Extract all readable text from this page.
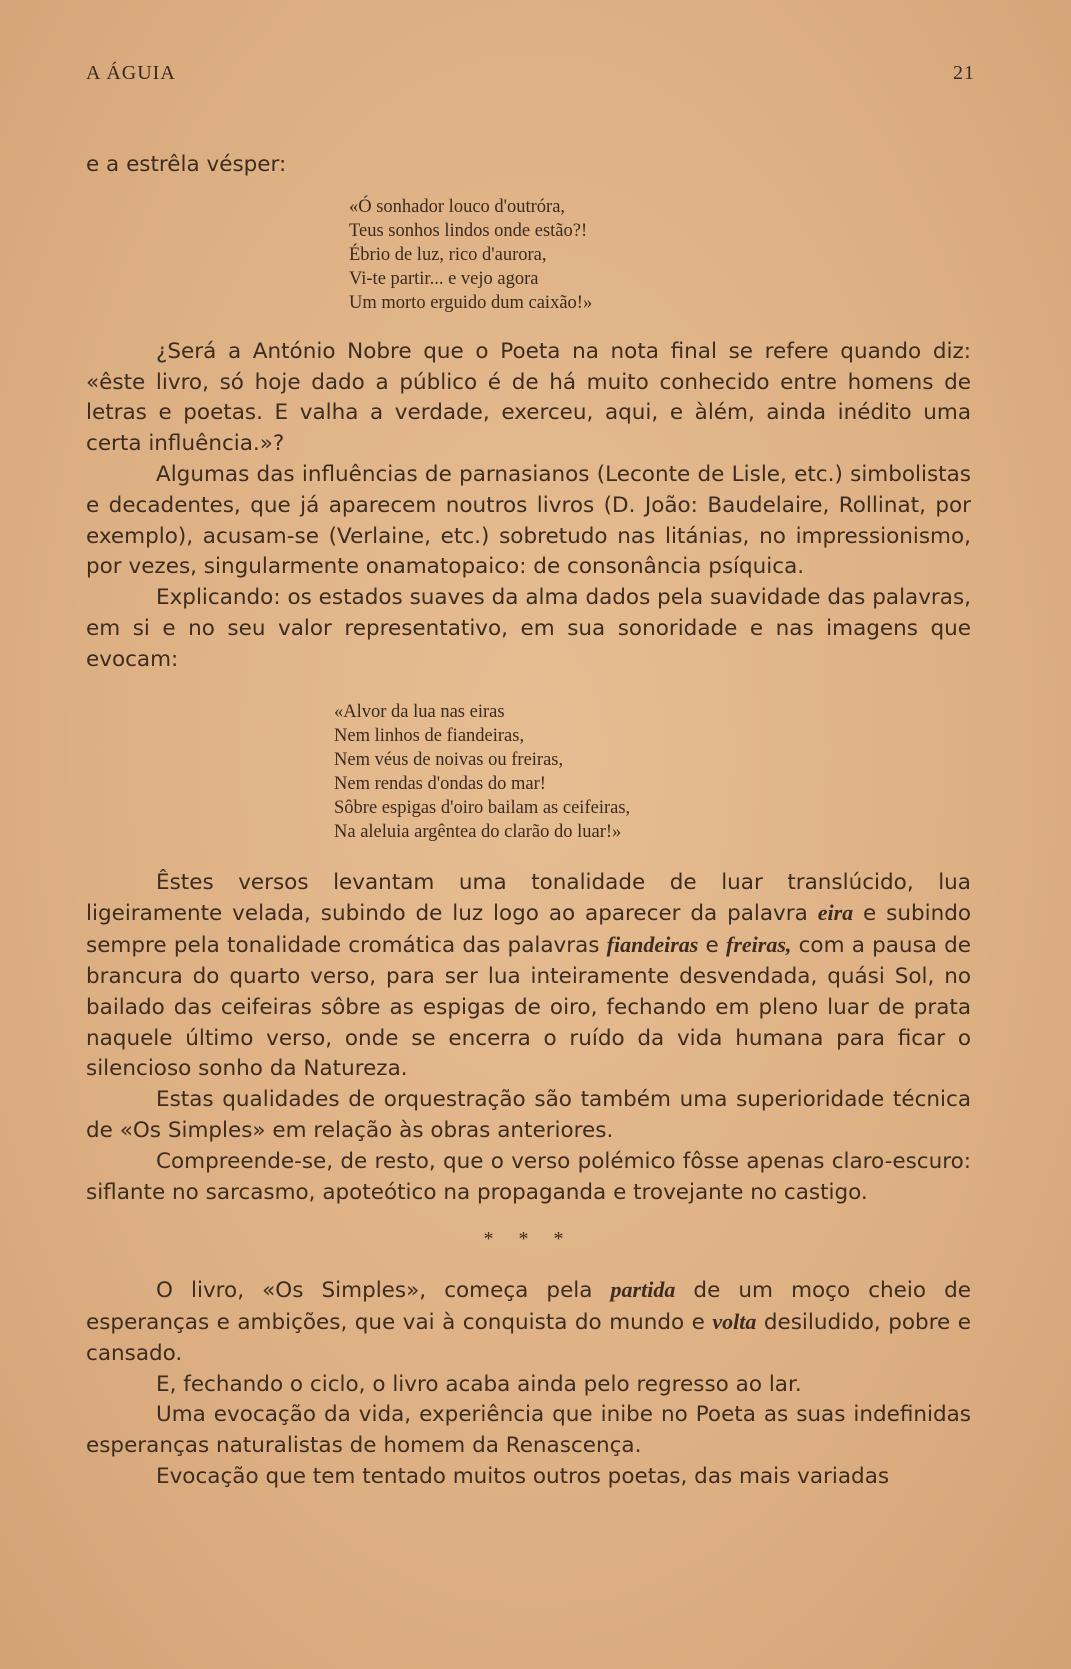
A ÁGUIA	21

e a estrêla vésper:

«Ó sonhador louco d'outróra,
Teus sonhos lindos onde estão?!
Ébrio de luz, rico d'aurora,
Vi-te partir... e vejo agora
Um morto erguido dum caixão!»

¿Será a António Nobre que o Poeta na nota final se refere quando diz: «êste livro, só hoje dado a público é de há muito conhecido entre homens de letras e poetas. E valha a verdade, exerceu, aqui, e àlém, ainda inédito uma certa influência.»?

Algumas das influências de parnasianos (Leconte de Lisle, etc.) simbolistas e decadentes, que já aparecem noutros livros (D. João: Baudelaire, Rollinat, por exemplo), acusam-se (Verlaine, etc.) sobretudo nas litánias, no impressionismo, por vezes, singularmente onamatopaico: de consonância psíquica.

Explicando: os estados suaves da alma dados pela suavidade das palavras, em si e no seu valor representativo, em sua sonoridade e nas imagens que evocam:

«Alvor da lua nas eiras
Nem linhos de fiandeiras,
Nem véus de noivas ou freiras,
Nem rendas d'ondas do mar!
Sôbre espigas d'oiro bailam as ceifeiras,
Na aleluia argêntea do clarão do luar!»

Êstes versos levantam uma tonalidade de luar translúcido, lua ligeiramente velada, subindo de luz logo ao aparecer da palavra eira e subindo sempre pela tonalidade cromática das palavras fiandeiras e freiras, com a pausa de brancura do quarto verso, para ser lua inteiramente desvendada, quási Sol, no bailado das ceifeiras sôbre as espigas de oiro, fechando em pleno luar de prata naquele último verso, onde se encerra o ruído da vida humana para ficar o silencioso sonho da Natureza.

Estas qualidades de orquestração são também uma superioridade técnica de «Os Simples» em relação às obras anteriores.

Compreende-se, de resto, que o verso polémico fôsse apenas claro-escuro: siflante no sarcasmo, apoteótico na propaganda e trovejante no castigo.

* * *

O livro, «Os Simples», começa pela partida de um moço cheio de esperanças e ambições, que vai à conquista do mundo e volta desiludido, pobre e cansado.

E, fechando o ciclo, o livro acaba ainda pelo regresso ao lar.

Uma evocação da vida, experiência que inibe no Poeta as suas indefinidas esperanças naturalistas de homem da Renascença.

Evocação que tem tentado muitos outros poetas, das mais variadas
